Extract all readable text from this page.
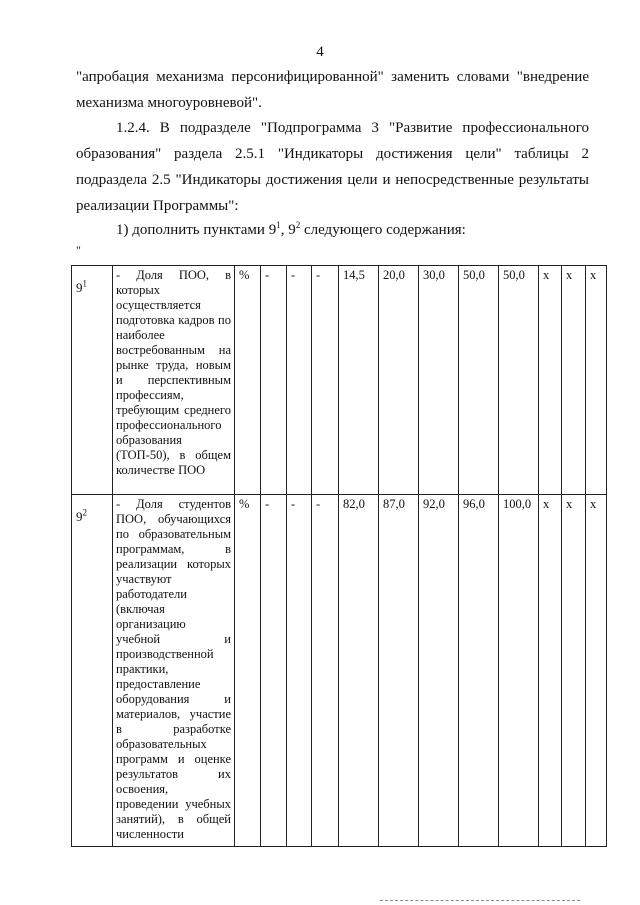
4
"апробация механизма персонифицированной" заменить словами "внедрение механизма многоуровневой".
1.2.4. В подразделе "Подпрограмма 3 "Развитие профессионального образования" раздела 2.5.1 "Индикаторы достижения цели" таблицы 2 подраздела 2.5 "Индикаторы достижения цели и непосредственные результаты реализации Программы":
1) дополнить пунктами $9^1$, $9^2$ следующего содержания:
"
$9^1$	- Доля ПОО, в которых осуществляется подготовка кадров по наиболее востребованным на рынке труда, новым и перспективным профессиям, требующим среднего профессионального образования (ТОП-50), в общем количестве ПОО	%	-	-	-	14,5	20,0	30,0	50,0	50,0	x	x	x
$9^2$	- Доля студентов ПОО, обучающихся по образовательным программам, в реализации которых участвуют работодатели (включая организацию учебной и производственной практики, предоставление оборудования и материалов, участие в разработке образовательных программ и оценке результатов их освоения, проведении учебных занятий), в общей численности	%	-	-	-	82,0	87,0	92,0	96,0	100,0	x	x	x
